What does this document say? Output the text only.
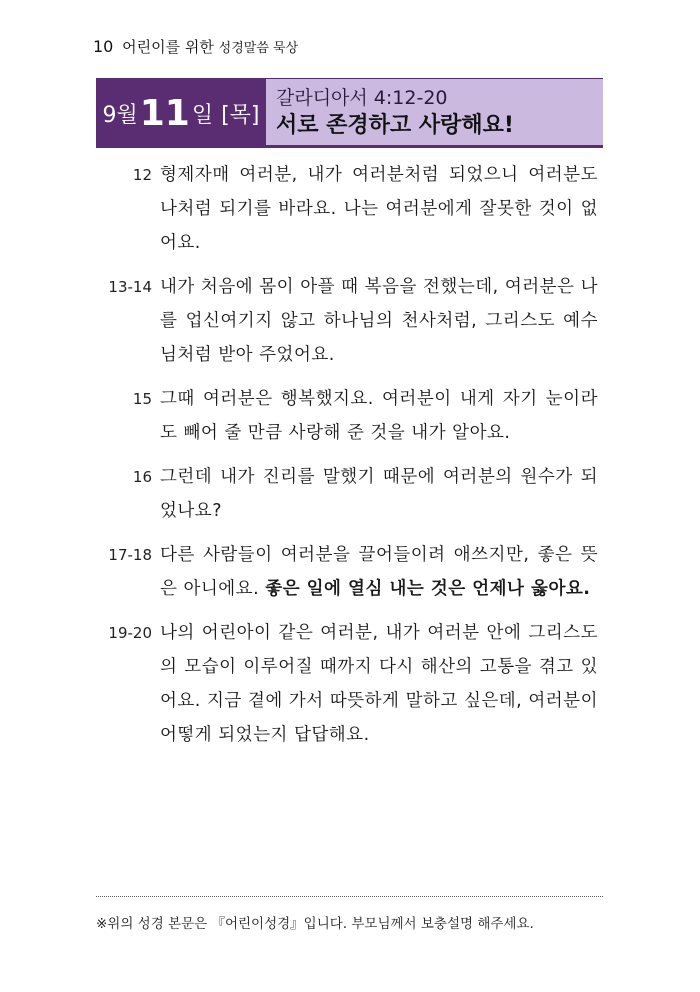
10 어린이를 위한 성경말씀 묵상
9월 11 일 [목]
갈라디아서 4:12-20
서로 존경하고 사랑해요!
12 형제자매 여러분, 내가 여러분처럼 되었으니 여러분도 나처럼 되기를 바라요. 나는 여러분에게 잘못한 것이 없어요.
13-14 내가 처음에 몸이 아플 때 복음을 전했는데, 여러분은 나를 업신여기지 않고 하나님의 천사처럼, 그리스도 예수님처럼 받아 주었어요.
15 그때 여러분은 행복했지요. 여러분이 내게 자기 눈이라도 빼어 줄 만큼 사랑해 준 것을 내가 알아요.
16 그런데 내가 진리를 말했기 때문에 여러분의 원수가 되었나요?
17-18 다른 사람들이 여러분을 끌어들이려 애쓰지만, 좋은 뜻은 아니에요. 좋은 일에 열심 내는 것은 언제나 옳아요.
19-20 나의 어린아이 같은 여러분, 내가 여러분 안에 그리스도의 모습이 이루어질 때까지 다시 해산의 고통을 겪고 있어요. 지금 곁에 가서 따뜻하게 말하고 싶은데, 여러분이 어떻게 되었는지 답답해요.
※위의 성경 본문은 『어린이성경』입니다. 부모님께서 보충설명 해주세요.
